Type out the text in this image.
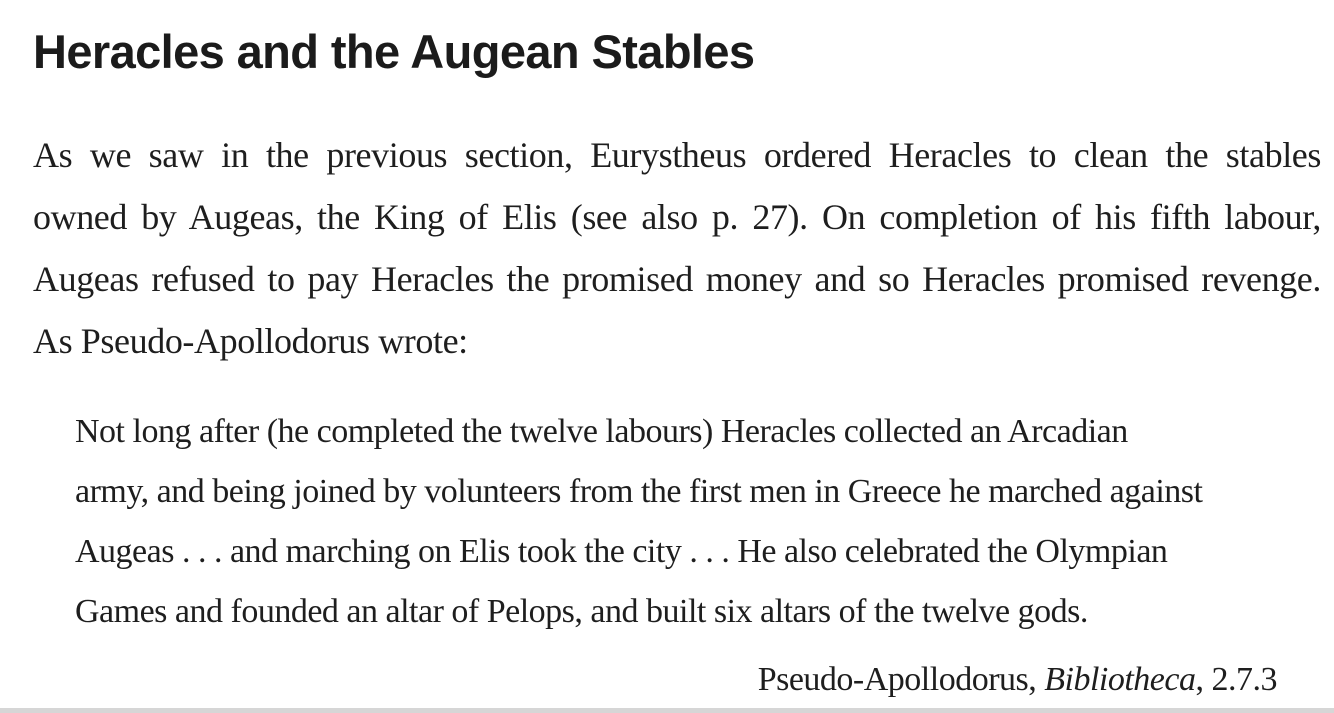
Heracles and the Augean Stables
As we saw in the previous section, Eurystheus ordered Heracles to clean the stables
owned by Augeas, the King of Elis (see also p. 27). On completion of his fifth labour,
Augeas refused to pay Heracles the promised money and so Heracles promised revenge.
As Pseudo-Apollodorus wrote:
Not long after (he completed the twelve labours) Heracles collected an Arcadian
army, and being joined by volunteers from the first men in Greece he marched against
Augeas . . . and marching on Elis took the city . . . He also celebrated the Olympian
Games and founded an altar of Pelops, and built six altars of the twelve gods.
Pseudo-Apollodorus, Bibliotheca, 2.7.3
